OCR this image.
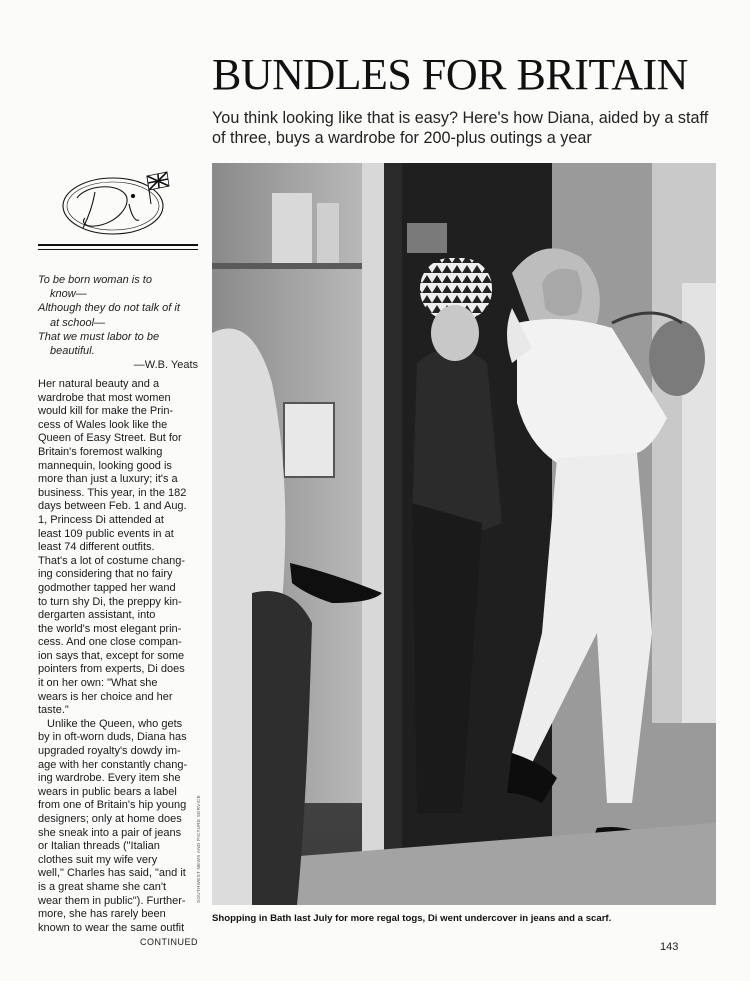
BUNDLES FOR BRITAIN
You think looking like that is easy? Here's how Diana, aided by a staff of three, buys a wardrobe for 200-plus outings a year
Di
To be born woman is to
know—
Although they do not talk of it
at school—
That we must labor to be
beautiful.
—W.B. Yeats
Her natural beauty and a
wardrobe that most women
would kill for make the Prin-
cess of Wales look like the
Queen of Easy Street. But for
Britain's foremost walking
mannequin, looking good is
more than just a luxury; it's a
business. This year, in the 182
days between Feb. 1 and Aug.
1, Princess Di attended at
least 109 public events in at
least 74 different outfits.
That's a lot of costume chang-
ing considering that no fairy
godmother tapped her wand
to turn shy Di, the preppy kin-
dergarten assistant, into
the world's most elegant prin-
cess. And one close compan-
ion says that, except for some
pointers from experts, Di does
it on her own: "What she
wears is her choice and her
taste."
Unlike the Queen, who gets
by in oft-worn duds, Diana has
upgraded royalty's dowdy im-
age with her constantly chang-
ing wardrobe. Every item she
wears in public bears a label
from one of Britain's hip young
designers; only at home does
she sneak into a pair of jeans
or Italian threads ("Italian
clothes suit my wife very
well," Charles has said, "and it
is a great shame she can't
wear them in public"). Further-
more, she has rarely been
known to wear the same outfit
CONTINUED
SOUTHWEST NEWS AND PICTURE SERVICE
Shopping in Bath last July for more regal togs, Di went undercover in jeans and a scarf.
143
